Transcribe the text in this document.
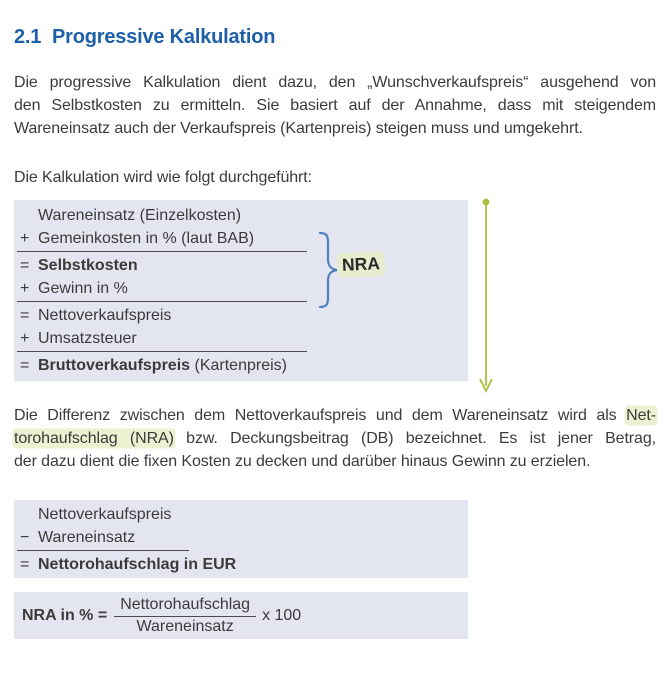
2.1 Progressive Kalkulation

Die progressive Kalkulation dient dazu, den „Wunschverkaufspreis“ ausgehend von
den Selbstkosten zu ermitteln. Sie basiert auf der Annahme, dass mit steigendem
Wareneinsatz auch der Verkaufspreis (Kartenpreis) steigen muss und umgekehrt.

Die Kalkulation wird wie folgt durchgeführt:

Wareneinsatz (Einzelkosten)
+ Gemeinkosten in % (laut BAB)
= Selbstkosten
+ Gewinn in %
= Nettoverkaufspreis
+ Umsatzsteuer
= Bruttoverkaufspreis (Kartenpreis)
NRA

Die Differenz zwischen dem Nettoverkaufspreis und dem Wareneinsatz wird als Net-
torohaufschlag (NRA) bzw. Deckungsbeitrag (DB) bezeichnet. Es ist jener Betrag,
der dazu dient die fixen Kosten zu decken und darüber hinaus Gewinn zu erzielen.

Nettoverkaufspreis
− Wareneinsatz
= Nettorohaufschlag in EUR
NRA in % = $\frac{\text{Nettorohaufschlag}}{\text{Wareneinsatz}}$ x 100
